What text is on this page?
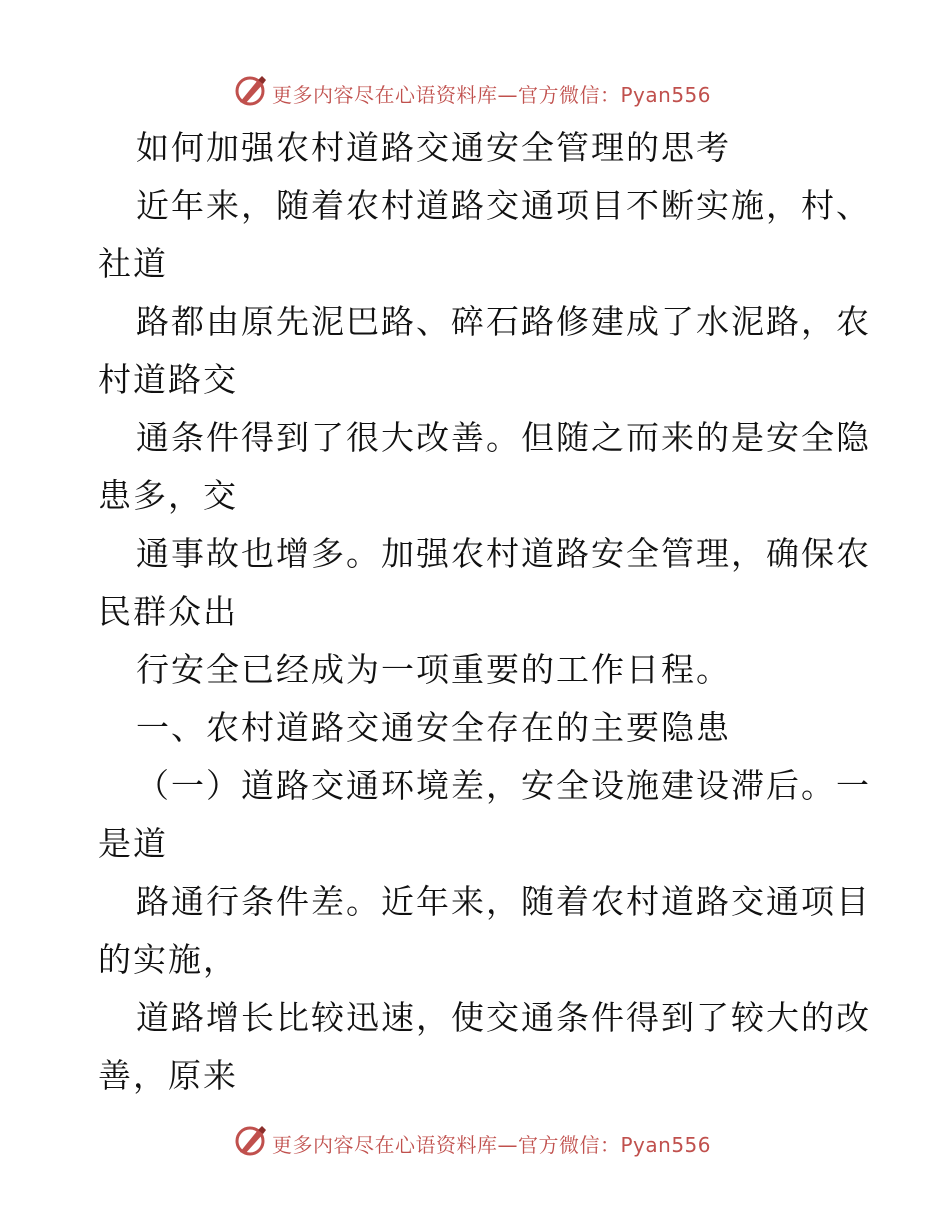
更多内容尽在心语资料库—官方微信：Pyan556
如何加强农村道路交通安全管理的思考
近年来，随着农村道路交通项目不断实施，村、
社道
路都由原先泥巴路、碎石路修建成了水泥路，农
村道路交
通条件得到了很大改善。但随之而来的是安全隐
患多，交
通事故也增多。加强农村道路安全管理，确保农
民群众出
行安全已经成为一项重要的工作日程。
一、农村道路交通安全存在的主要隐患
（一）道路交通环境差，安全设施建设滞后。一
是道
路通行条件差。近年来，随着农村道路交通项目
的实施，
道路增长比较迅速，使交通条件得到了较大的改
善，原来
更多内容尽在心语资料库—官方微信：Pyan556
